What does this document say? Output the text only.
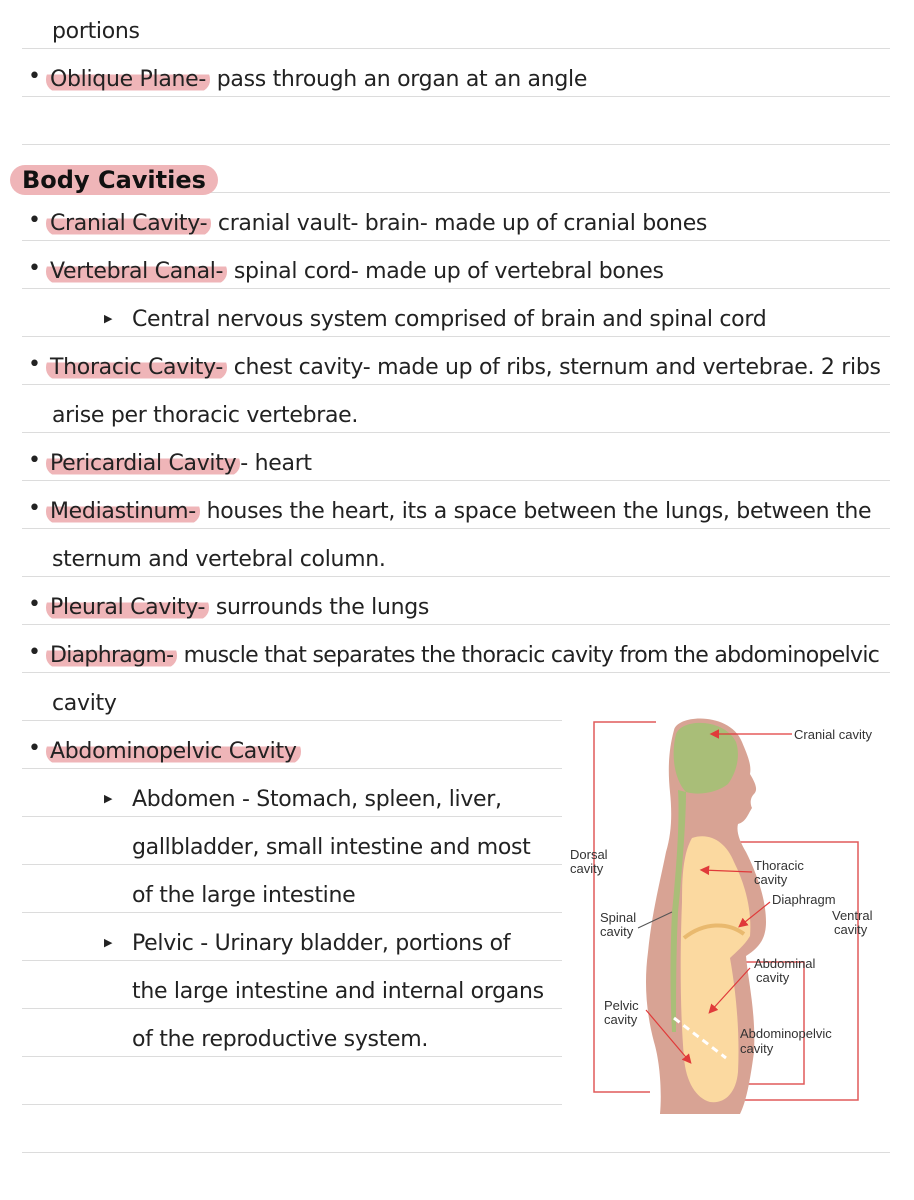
portions
• Oblique Plane- pass through an organ at an angle
Body Cavities
• Cranial Cavity- cranial vault- brain- made up of cranial bones
• Vertebral Canal- spinal cord- made up of vertebral bones
▶ Central nervous system comprised of brain and spinal cord
• Thoracic Cavity- chest cavity- made up of ribs, sternum and vertebrae. 2 ribs
arise per thoracic vertebrae.
• Pericardial Cavity - heart
• Mediastinum- houses the heart, its a space between the lungs, between the
sternum and vertebral column.
• Pleural Cavity- surrounds the lungs
• Diaphragm- muscle that separates the thoracic cavity from the abdominopelvic
cavity
• Abdominopelvic Cavity
▶ Abdomen - Stomach, spleen, liver,
gallbladder, small intestine and most
of the large intestine
▶ Pelvic - Urinary bladder, portions of
the large intestine and internal organs
of the reproductive system.
Cranial cavity
Dorsal
cavity	Thoracic
cavity
Diaphragm
Ventral
cavity
Spinal
cavity
Abdominal
cavity
Pelvic
cavity
Abdominopelvic
cavity
